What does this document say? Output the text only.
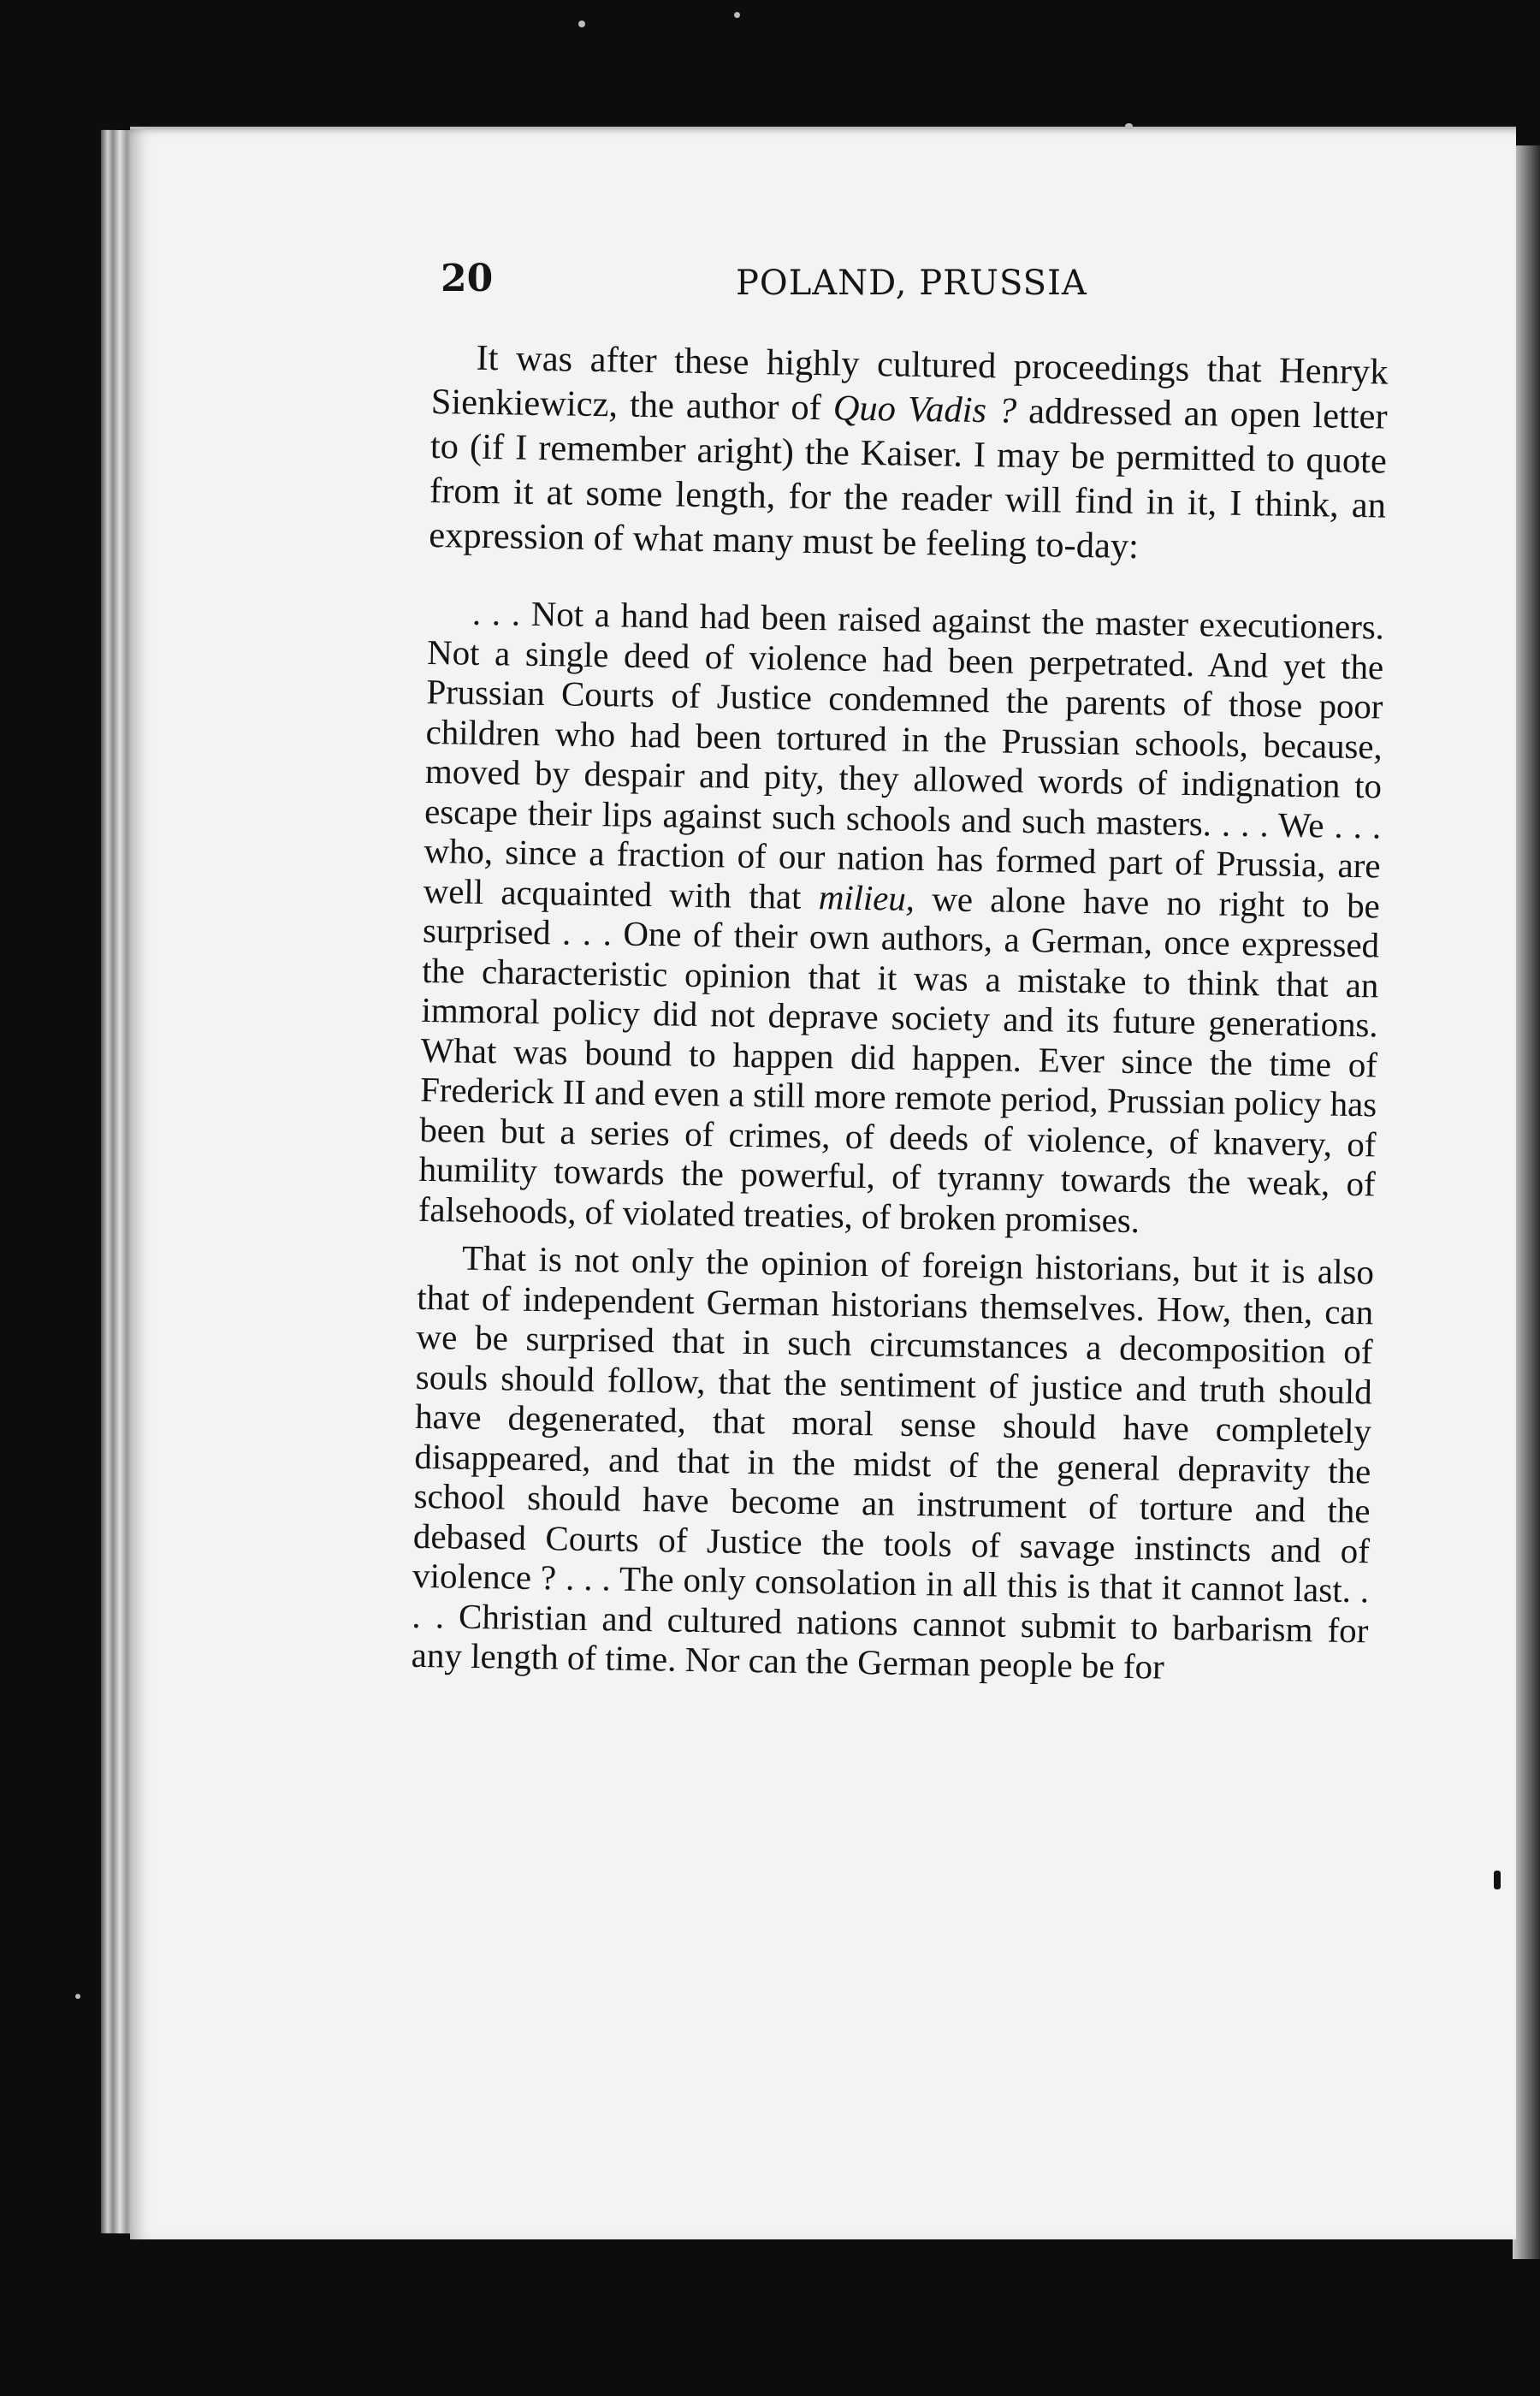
20	POLAND, PRUSSIA

It was after these highly cultured proceedings that Henryk Sienkiewicz, the author of Quo Vadis ? addressed an open letter to (if I remember aright) the Kaiser. I may be permitted to quote from it at some length, for the reader will find in it, I think, an expression of what many must be feeling to-day:

. . . Not a hand had been raised against the master executioners. Not a single deed of violence had been perpetrated. And yet the Prussian Courts of Justice condemned the parents of those poor children who had been tortured in the Prussian schools, because, moved by despair and pity, they allowed words of indignation to escape their lips against such schools and such masters. . . . We . . . who, since a fraction of our nation has formed part of Prussia, are well acquainted with that milieu, we alone have no right to be surprised . . . One of their own authors, a German, once expressed the characteristic opinion that it was a mistake to think that an immoral policy did not deprave society and its future generations. What was bound to happen did happen. Ever since the time of Frederick II and even a still more remote period, Prussian policy has been but a series of crimes, of deeds of violence, of knavery, of humility towards the powerful, of tyranny towards the weak, of falsehoods, of violated treaties, of broken promises.

That is not only the opinion of foreign historians, but it is also that of independent German historians themselves. How, then, can we be surprised that in such circumstances a decomposition of souls should follow, that the sentiment of justice and truth should have degenerated, that moral sense should have completely disappeared, and that in the midst of the general depravity the school should have become an instrument of torture and the debased Courts of Justice the tools of savage instincts and of violence ? . . . The only consolation in all this is that it cannot last. . . . Christian and cultured nations cannot submit to barbarism for any length of time. Nor can the German people be for
